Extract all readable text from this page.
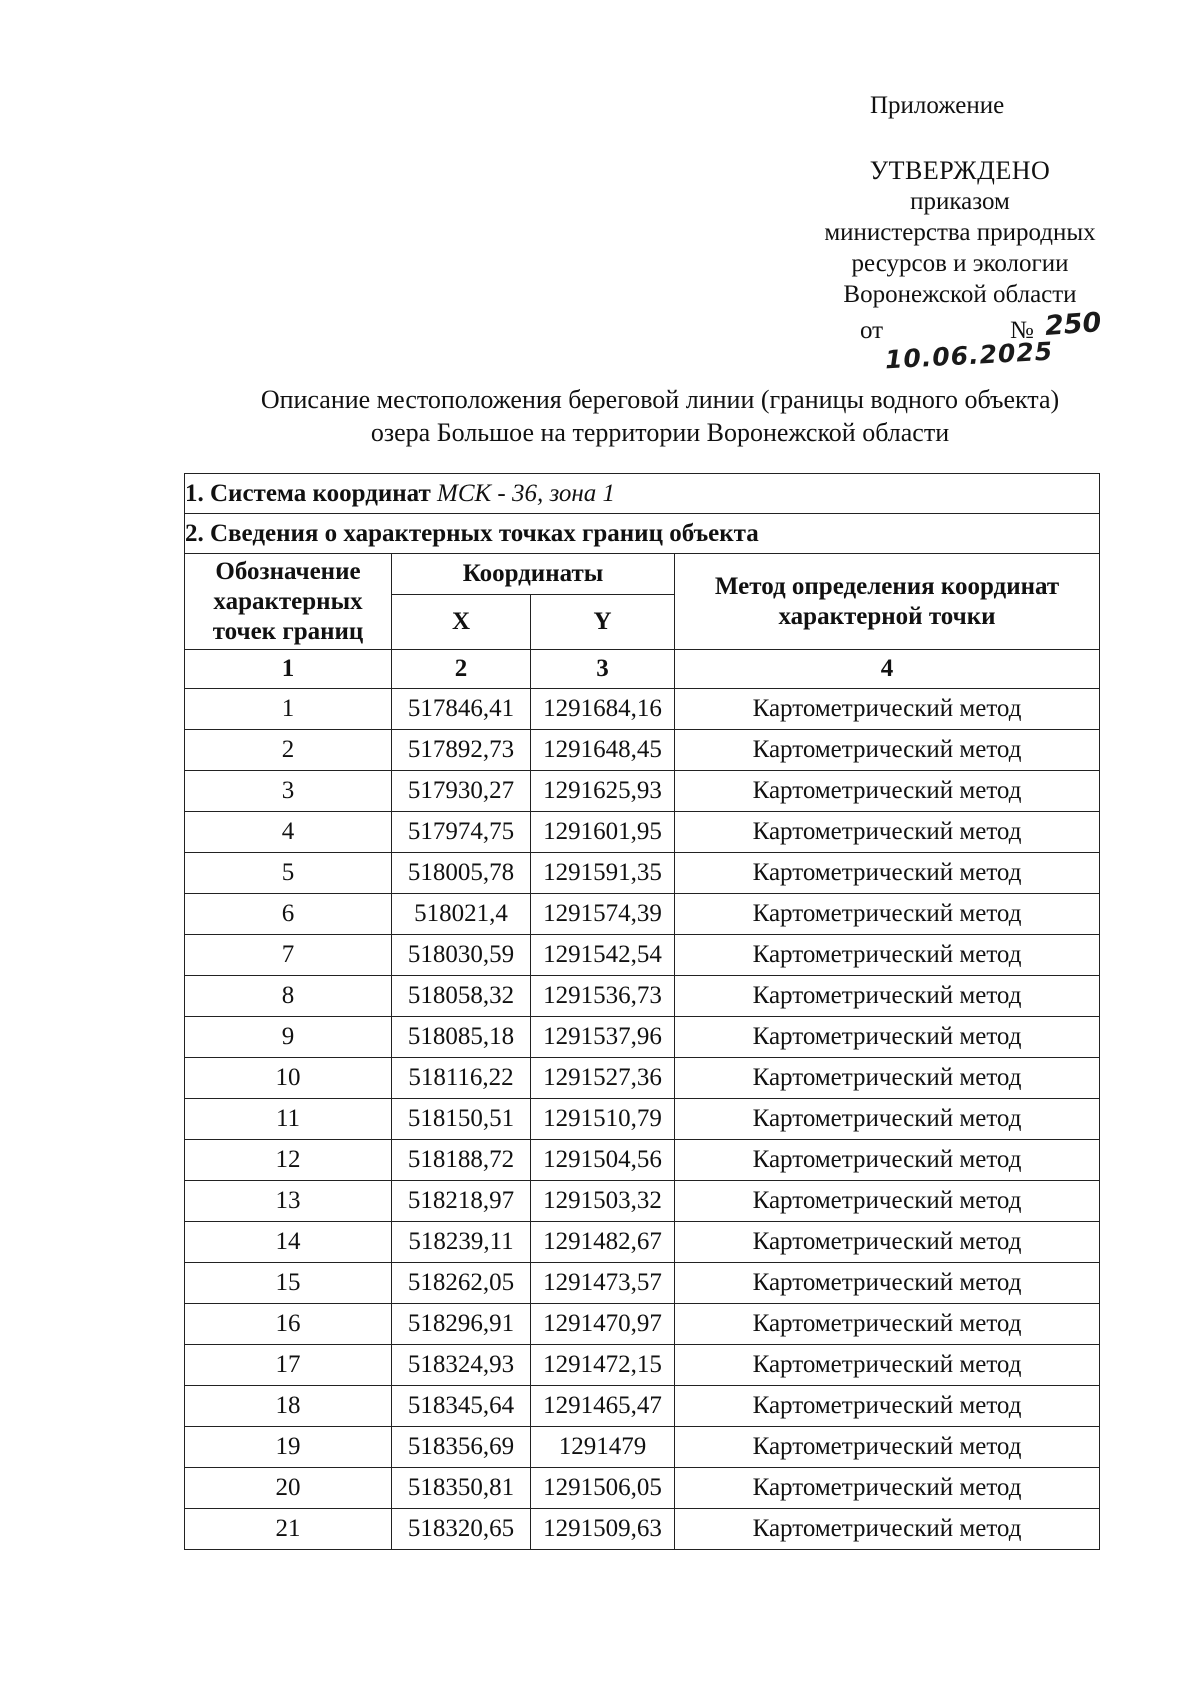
Приложение
УТВЕРЖДЕНО
приказом
министерства природных
ресурсов и экологии
Воронежской области
от
10.06.2025
№ 250
Описание местоположения береговой линии (границы водного объекта)
озера Большое на территории Воронежской области
1. Система координат МСК - 36, зона 1			
2. Сведения о характерных точках границ объекта			
Обозначение характерных точек границ	Координаты		Метод определения координат характерной точки
	X	Y	
1	2	3	4
1	517846,41	1291684,16	Картометрический метод
2	517892,73	1291648,45	Картометрический метод
3	517930,27	1291625,93	Картометрический метод
4	517974,75	1291601,95	Картометрический метод
5	518005,78	1291591,35	Картометрический метод
6	518021,4	1291574,39	Картометрический метод
7	518030,59	1291542,54	Картометрический метод
8	518058,32	1291536,73	Картометрический метод
9	518085,18	1291537,96	Картометрический метод
10	518116,22	1291527,36	Картометрический метод
11	518150,51	1291510,79	Картометрический метод
12	518188,72	1291504,56	Картометрический метод
13	518218,97	1291503,32	Картометрический метод
14	518239,11	1291482,67	Картометрический метод
15	518262,05	1291473,57	Картометрический метод
16	518296,91	1291470,97	Картометрический метод
17	518324,93	1291472,15	Картометрический метод
18	518345,64	1291465,47	Картометрический метод
19	518356,69	1291479	Картометрический метод
20	518350,81	1291506,05	Картометрический метод
21	518320,65	1291509,63	Картометрический метод
